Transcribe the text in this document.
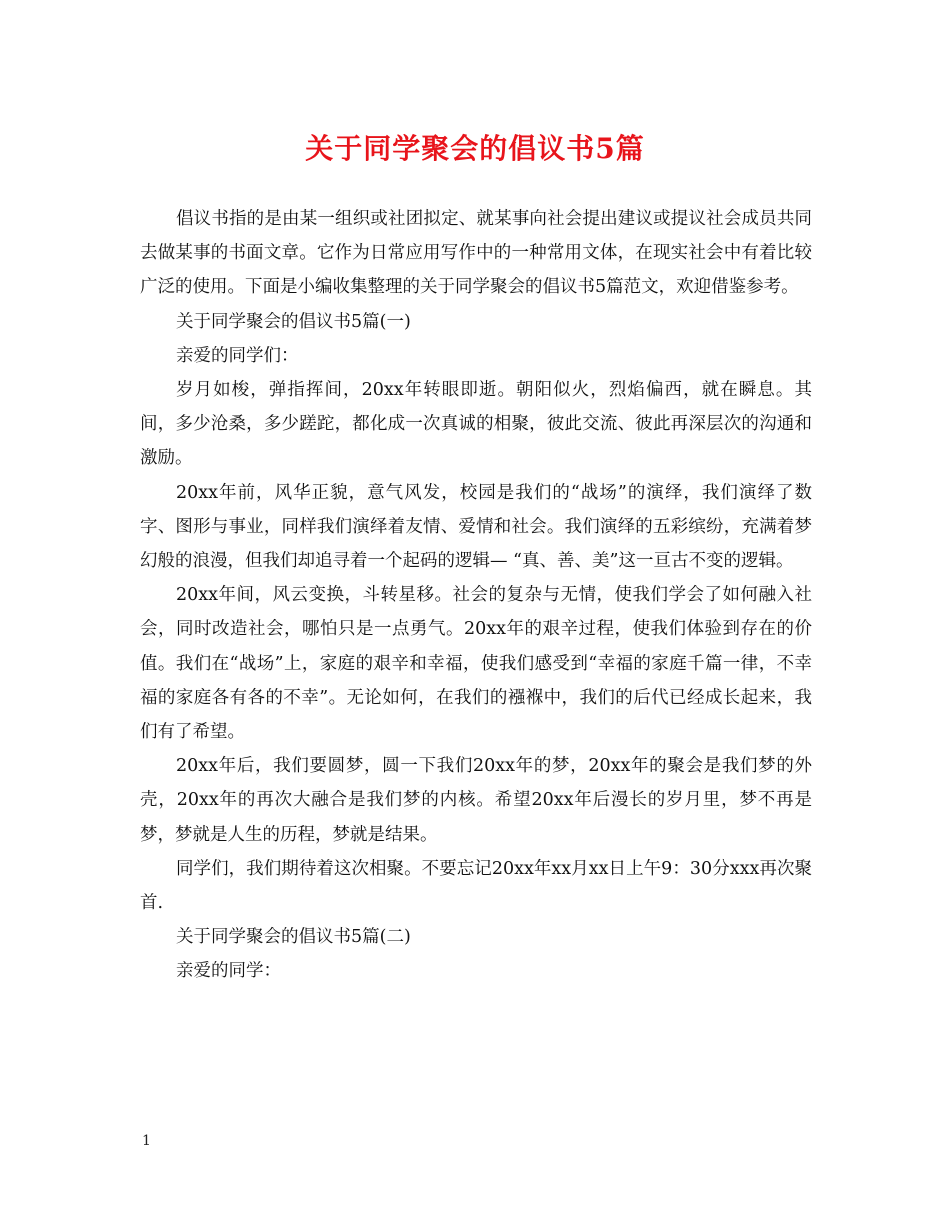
关于同学聚会的倡议书5篇

倡议书指的是由某一组织或社团拟定、就某事向社会提出建议或提议社会成员共同去做某事的书面文章。它作为日常应用写作中的一种常用文体，在现实社会中有着比较广泛的使用。下面是小编收集整理的关于同学聚会的倡议书5篇范文，欢迎借鉴参考。

关于同学聚会的倡议书5篇(一)

亲爱的同学们：

岁月如梭，弹指挥间，20xx年转眼即逝。朝阳似火，烈焰偏西，就在瞬息。其间，多少沧桑，多少蹉跎，都化成一次真诚的相聚，彼此交流、彼此再深层次的沟通和激励。

20xx年前，风华正貌，意气风发，校园是我们的“战场”的演绎，我们演绎了数字、图形与事业，同样我们演绎着友情、爱情和社会。我们演绎的五彩缤纷，充满着梦幻般的浪漫，但我们却追寻着一个起码的逻辑— “真、善、美”这一亘古不变的逻辑。

20xx年间，风云变换，斗转星移。社会的复杂与无情，使我们学会了如何融入社会，同时改造社会，哪怕只是一点勇气。20xx年的艰辛过程，使我们体验到存在的价值。我们在“战场”上，家庭的艰辛和幸福，使我们感受到“幸福的家庭千篇一律，不幸福的家庭各有各的不幸”。无论如何，在我们的襁褓中，我们的后代已经成长起来，我们有了希望。

20xx年后，我们要圆梦，圆一下我们20xx年的梦，20xx年的聚会是我们梦的外壳，20xx年的再次大融合是我们梦的内核。希望20xx年后漫长的岁月里，梦不再是梦，梦就是人生的历程，梦就是结果。

同学们，我们期待着这次相聚。不要忘记20xx年xx月xx日上午9：30分xxx再次聚首.

关于同学聚会的倡议书5篇(二)

亲爱的同学：

1
